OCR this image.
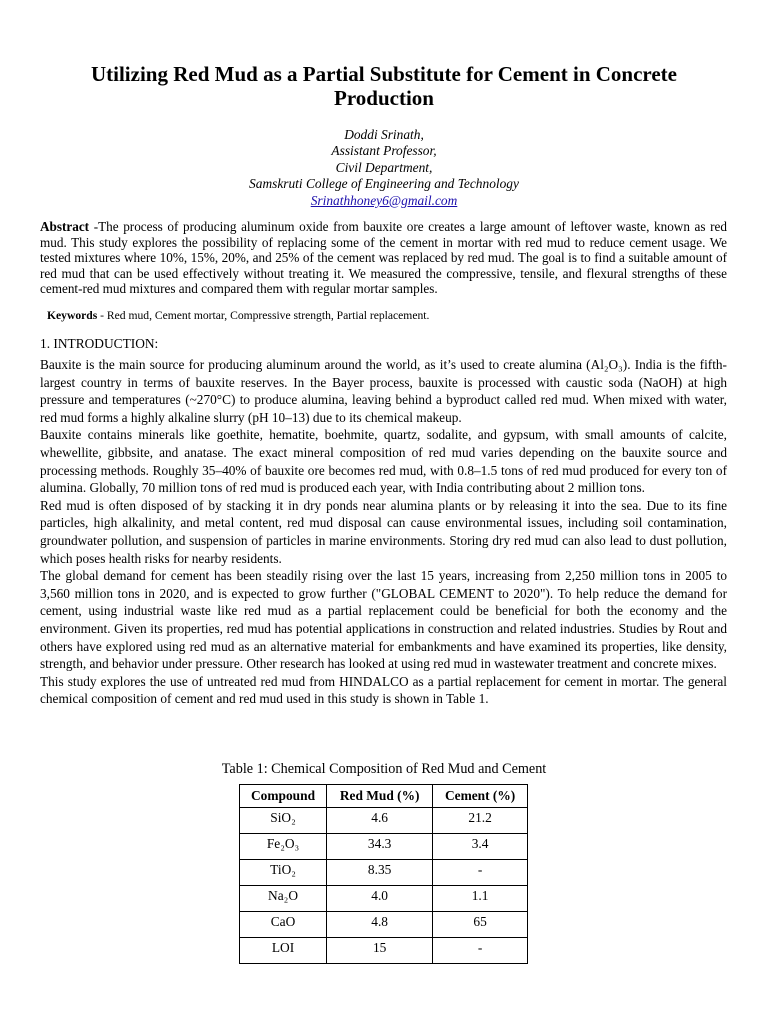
Utilizing Red Mud as a Partial Substitute for Cement in Concrete Production
Doddi Srinath,
Assistant Professor,
Civil Department,
Samskruti College of Engineering and Technology
Srinathhoney6@gmail.com
Abstract -The process of producing aluminum oxide from bauxite ore creates a large amount of leftover waste, known as red mud. This study explores the possibility of replacing some of the cement in mortar with red mud to reduce cement usage. We tested mixtures where 10%, 15%, 20%, and 25% of the cement was replaced by red mud. The goal is to find a suitable amount of red mud that can be used effectively without treating it. We measured the compressive, tensile, and flexural strengths of these cement-red mud mixtures and compared them with regular mortar samples.
Keywords - Red mud, Cement mortar, Compressive strength, Partial replacement.
1. INTRODUCTION:

Bauxite is the main source for producing aluminum around the world, as it’s used to create alumina (Al₂O₃). India is the fifth-largest country in terms of bauxite reserves. In the Bayer process, bauxite is processed with caustic soda (NaOH) at high pressure and temperatures (~270°C) to produce alumina, leaving behind a byproduct called red mud. When mixed with water, red mud forms a highly alkaline slurry (pH 10–13) due to its chemical makeup.

Bauxite contains minerals like goethite, hematite, boehmite, quartz, sodalite, and gypsum, with small amounts of calcite, whewellite, gibbsite, and anatase. The exact mineral composition of red mud varies depending on the bauxite source and processing methods. Roughly 35–40% of bauxite ore becomes red mud, with 0.8–1.5 tons of red mud produced for every ton of alumina. Globally, 70 million tons of red mud is produced each year, with India contributing about 2 million tons.

Red mud is often disposed of by stacking it in dry ponds near alumina plants or by releasing it into the sea. Due to its fine particles, high alkalinity, and metal content, red mud disposal can cause environmental issues, including soil contamination, groundwater pollution, and suspension of particles in marine environments. Storing dry red mud can also lead to dust pollution, which poses health risks for nearby residents.

The global demand for cement has been steadily rising over the last 15 years, increasing from 2,250 million tons in 2005 to 3,560 million tons in 2020, and is expected to grow further ("GLOBAL CEMENT to 2020"). To help reduce the demand for cement, using industrial waste like red mud as a partial replacement could be beneficial for both the economy and the environment. Given its properties, red mud has potential applications in construction and related industries. Studies by Rout and others have explored using red mud as an alternative material for embankments and have examined its properties, like density, strength, and behavior under pressure. Other research has looked at using red mud in wastewater treatment and concrete mixes.

This study explores the use of untreated red mud from HINDALCO as a partial replacement for cement in mortar. The general chemical composition of cement and red mud used in this study is shown in Table 1.

Table 1: Chemical Composition of Red Mud and Cement
Compound	Red Mud (%)	Cement (%)
SiO₂	4.6	21.2
Fe₂O₃	34.3	3.4
TiO₂	8.35	-
Na₂O	4.0	1.1
CaO	4.8	65
LOI	15	-
